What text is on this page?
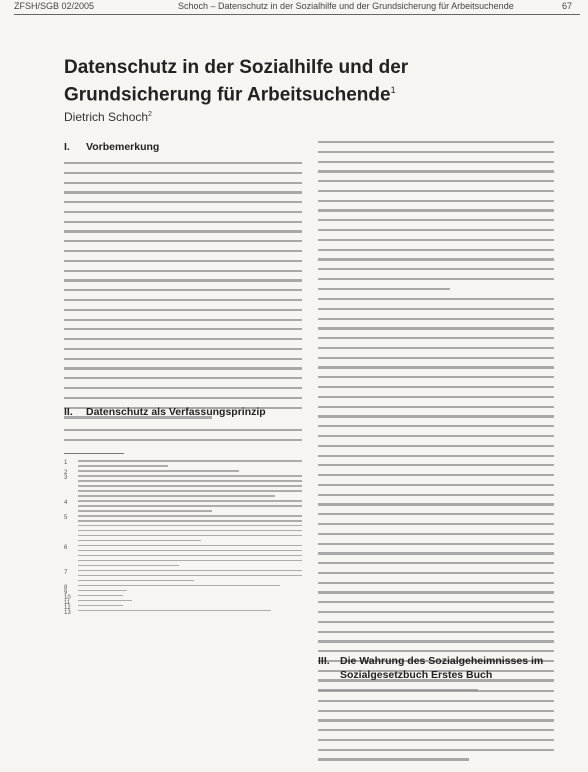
ZFSH/SGB 02/2005	Schoch – Datenschutz in der Sozialhilfe und der Grundsicherung für Arbeitsuchende	67
Datenschutz in der Sozialhilfe und der Grundsicherung für Arbeitsuchende$^1$
Dietrich Schoch$^2$
I. Vorbemerkung
II. Datenschutz als Verfassungsprinzip
1
2
3
4
5
6
7
8
9
10
11
12
13
III. Die Wahrung des Sozialgeheimnisses im
Sozialgesetzbuch Erstes Buch
